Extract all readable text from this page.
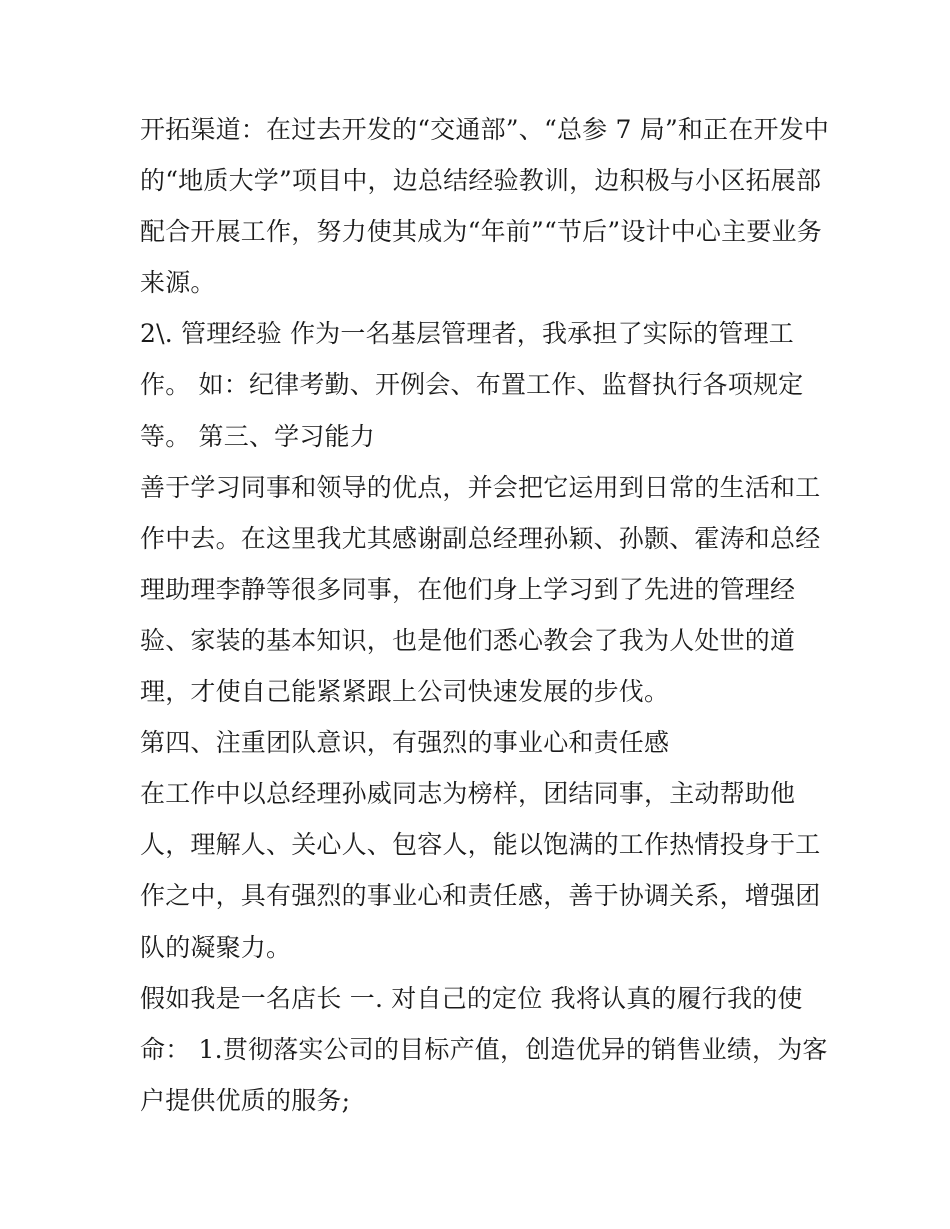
开拓渠道：在过去开发的“交通部”、“总参 7 局”和正在开发中
的“地质大学”项目中，边总结经验教训，边积极与小区拓展部
配合开展工作，努力使其成为“年前”“节后”设计中心主要业务
来源。
2\. 管理经验 作为一名基层管理者，我承担了实际的管理工
作。 如：纪律考勤、开例会、布置工作、监督执行各项规定
等。 第三、学习能力
善于学习同事和领导的优点，并会把它运用到日常的生活和工
作中去。在这里我尤其感谢副总经理孙颖、孙颢、霍涛和总经
理助理李静等很多同事，在他们身上学习到了先进的管理经
验、家装的基本知识，也是他们悉心教会了我为人处世的道
理，才使自己能紧紧跟上公司快速发展的步伐。
第四、注重团队意识，有强烈的事业心和责任感
在工作中以总经理孙威同志为榜样，团结同事，主动帮助他
人，理解人、关心人、包容人，能以饱满的工作热情投身于工
作之中，具有强烈的事业心和责任感，善于协调关系，增强团
队的凝聚力。
假如我是一名店长 一. 对自己的定位 我将认真的履行我的使
命： 1.贯彻落实公司的目标产值，创造优异的销售业绩，为客
户提供优质的服务;
